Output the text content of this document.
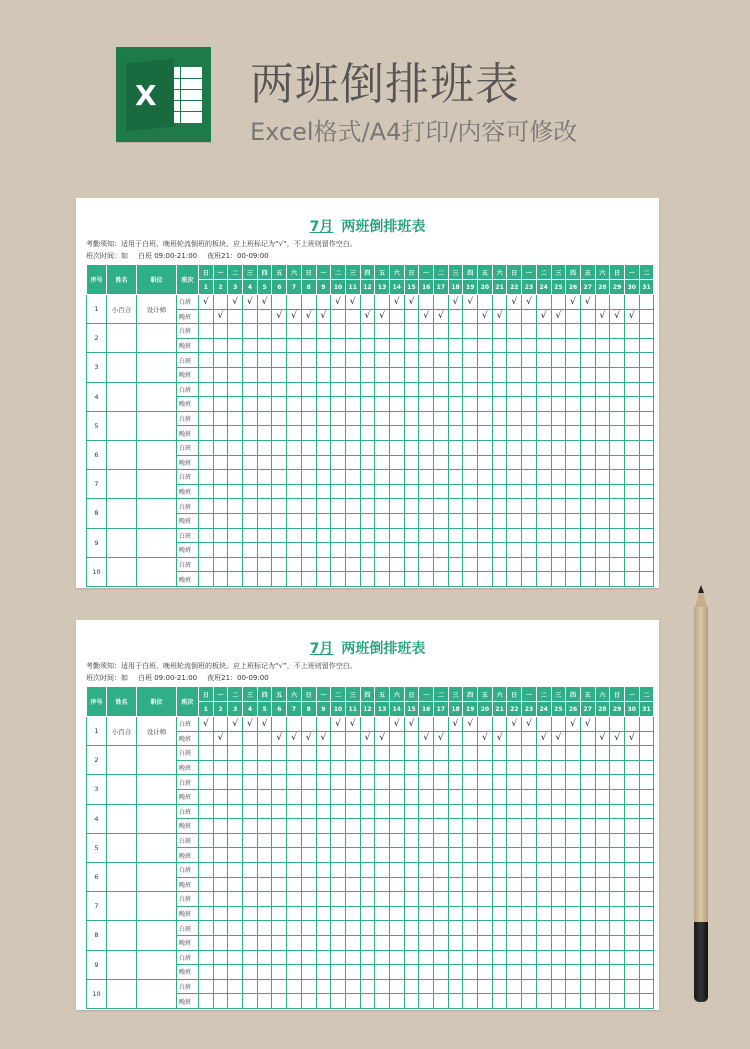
X 两班倒排班表
Excel格式/A4打印/内容可修改
7月 两班倒排班表
考勤须知：适用于白班、晚班轮流倒班的板块。应上班标记为“√”，不上班则留作空白。
班次时间：如 白班 09:00-21:00 夜班21：00-09:00
序号	姓名	职位	班次	日	一	二	三	四	五	六	日	一	二	三	四	五	六	日	一	二	三	四	五	六	日	一	二	三	四	五	六	日	一	二
				1	2	3	4	5	6	7	8	9	10	11	12	13	14	15	16	17	18	19	20	21	22	23	24	25	26	27	28	29	30	31
1	小百合	设计师	白班	√		√	√	√					√	√			√	√			√	√			√	√			√	√				
			晚班		√				√	√	√	√			√	√			√	√			√	√			√	√			√	√	√	
2			白班																															
			晚班																															
3			白班																															
			晚班																															
4			白班																															
			晚班																															
5			白班																															
			晚班																															
6			白班																															
			晚班																															
7			白班																															
			晚班																															
8			白班																															
			晚班																															
9			白班																															
			晚班																															
10			白班																															
			晚班																															
7月 两班倒排班表
考勤须知：适用于白班、晚班轮流倒班的板块。应上班标记为“√”，不上班则留作空白。
班次时间：如 白班 09:00-21:00 夜班21：00-09:00
序号	姓名	职位	班次	日	一	二	三	四	五	六	日	一	二	三	四	五	六	日	一	二	三	四	五	六	日	一	二	三	四	五	六	日	一	二
				1	2	3	4	5	6	7	8	9	10	11	12	13	14	15	16	17	18	19	20	21	22	23	24	25	26	27	28	29	30	31
1	小百合	设计师	白班	√		√	√	√					√	√			√	√			√	√			√	√			√	√				
			晚班		√				√	√	√	√			√	√			√	√			√	√			√	√			√	√	√	
2			白班																															
			晚班																															
3			白班																															
			晚班																															
4			白班																															
			晚班																															
5			白班																															
			晚班																															
6			白班																															
			晚班																															
7			白班																															
			晚班																															
8			白班																															
			晚班																															
9			白班																															
			晚班																															
10			白班																															
			晚班																															
